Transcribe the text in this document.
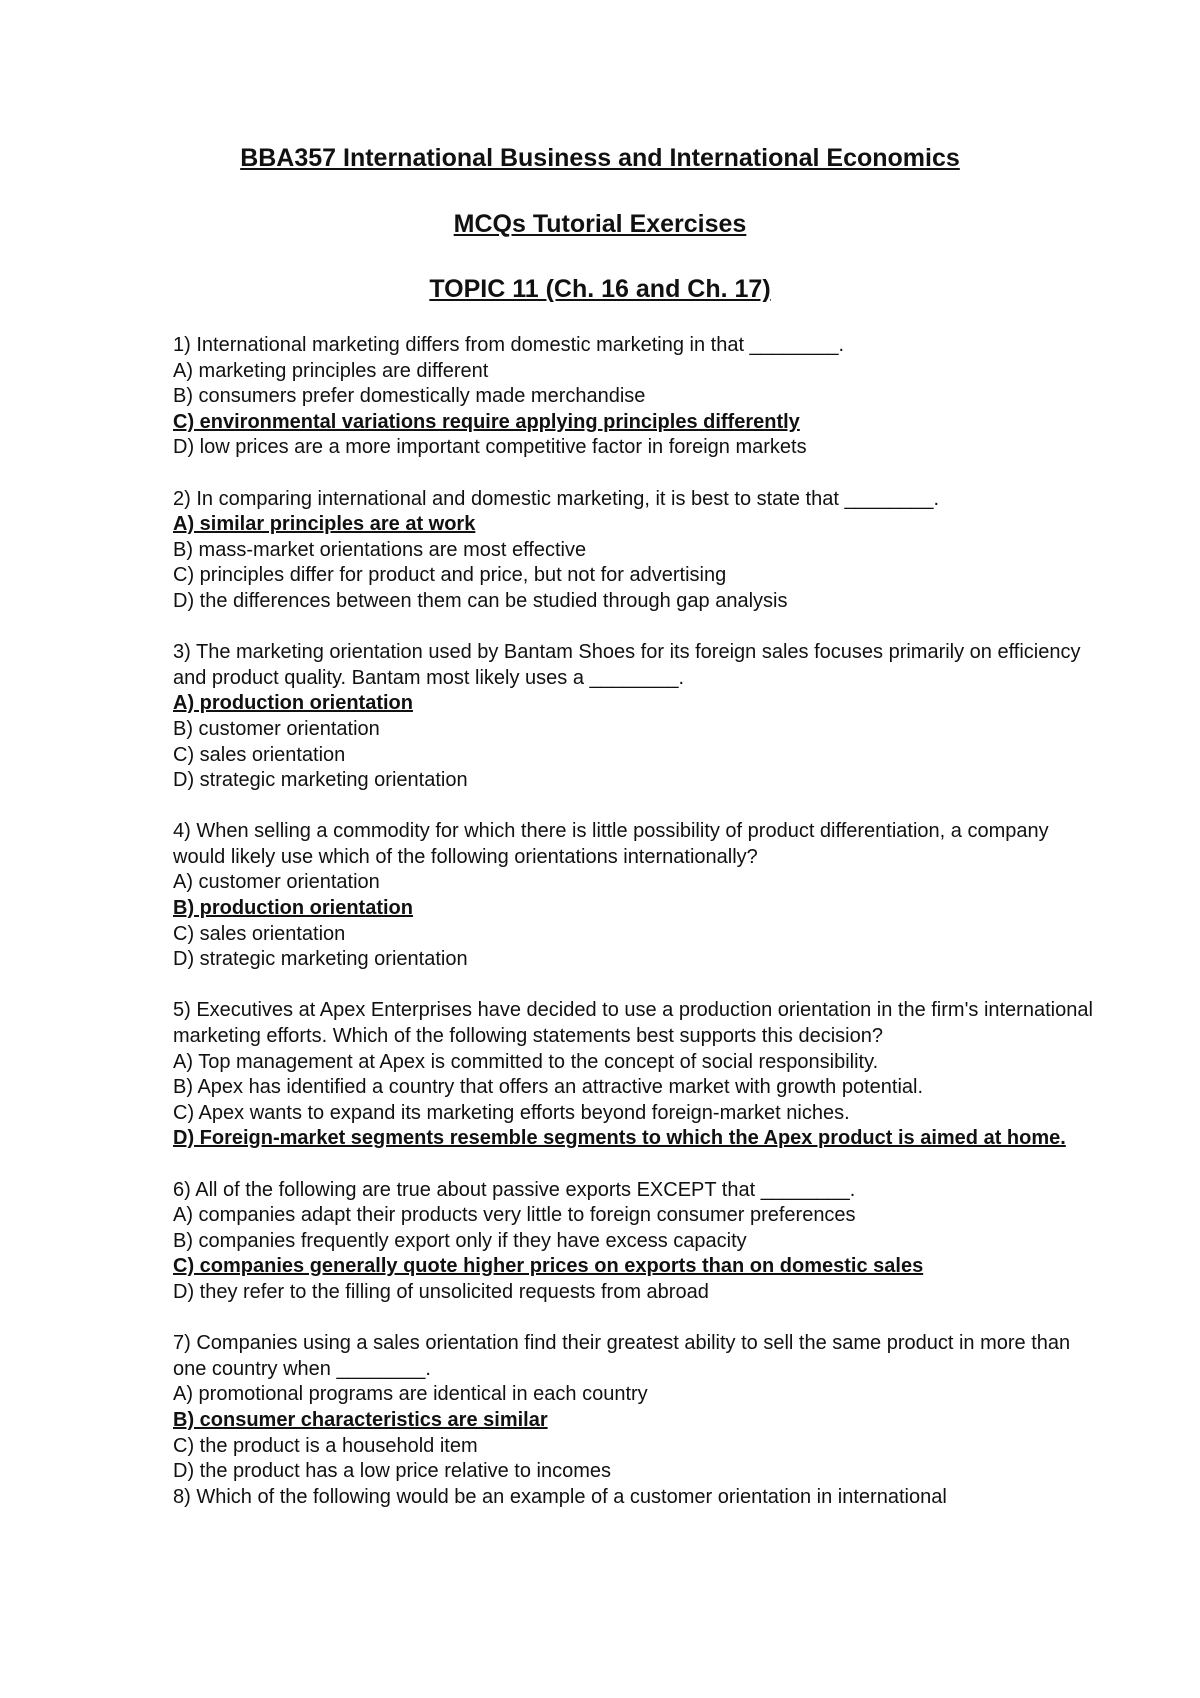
BBA357 International Business and International Economics
MCQs Tutorial Exercises
TOPIC 11 (Ch. 16 and Ch. 17)

1) International marketing differs from domestic marketing in that ________.

A) marketing principles are different

B) consumers prefer domestically made merchandise

C) environmental variations require applying principles differently

D) low prices are a more important competitive factor in foreign markets

2) In comparing international and domestic marketing, it is best to state that ________.

A) similar principles are at work

B) mass-market orientations are most effective

C) principles differ for product and price, but not for advertising

D) the differences between them can be studied through gap analysis

3) The marketing orientation used by Bantam Shoes for its foreign sales focuses primarily on efficiency and product quality. Bantam most likely uses a ________.

A) production orientation

B) customer orientation

C) sales orientation

D) strategic marketing orientation

4) When selling a commodity for which there is little possibility of product differentiation, a company would likely use which of the following orientations internationally?

A) customer orientation

B) production orientation

C) sales orientation

D) strategic marketing orientation

5) Executives at Apex Enterprises have decided to use a production orientation in the firm's international marketing efforts. Which of the following statements best supports this decision?

A) Top management at Apex is committed to the concept of social responsibility.

B) Apex has identified a country that offers an attractive market with growth potential.

C) Apex wants to expand its marketing efforts beyond foreign-market niches.

D) Foreign-market segments resemble segments to which the Apex product is aimed at home.

6) All of the following are true about passive exports EXCEPT that ________.

A) companies adapt their products very little to foreign consumer preferences

B) companies frequently export only if they have excess capacity

C) companies generally quote higher prices on exports than on domestic sales

D) they refer to the filling of unsolicited requests from abroad

7) Companies using a sales orientation find their greatest ability to sell the same product in more than one country when ________.

A) promotional programs are identical in each country

B) consumer characteristics are similar

C) the product is a household item

D) the product has a low price relative to incomes

8) Which of the following would be an example of a customer orientation in international
